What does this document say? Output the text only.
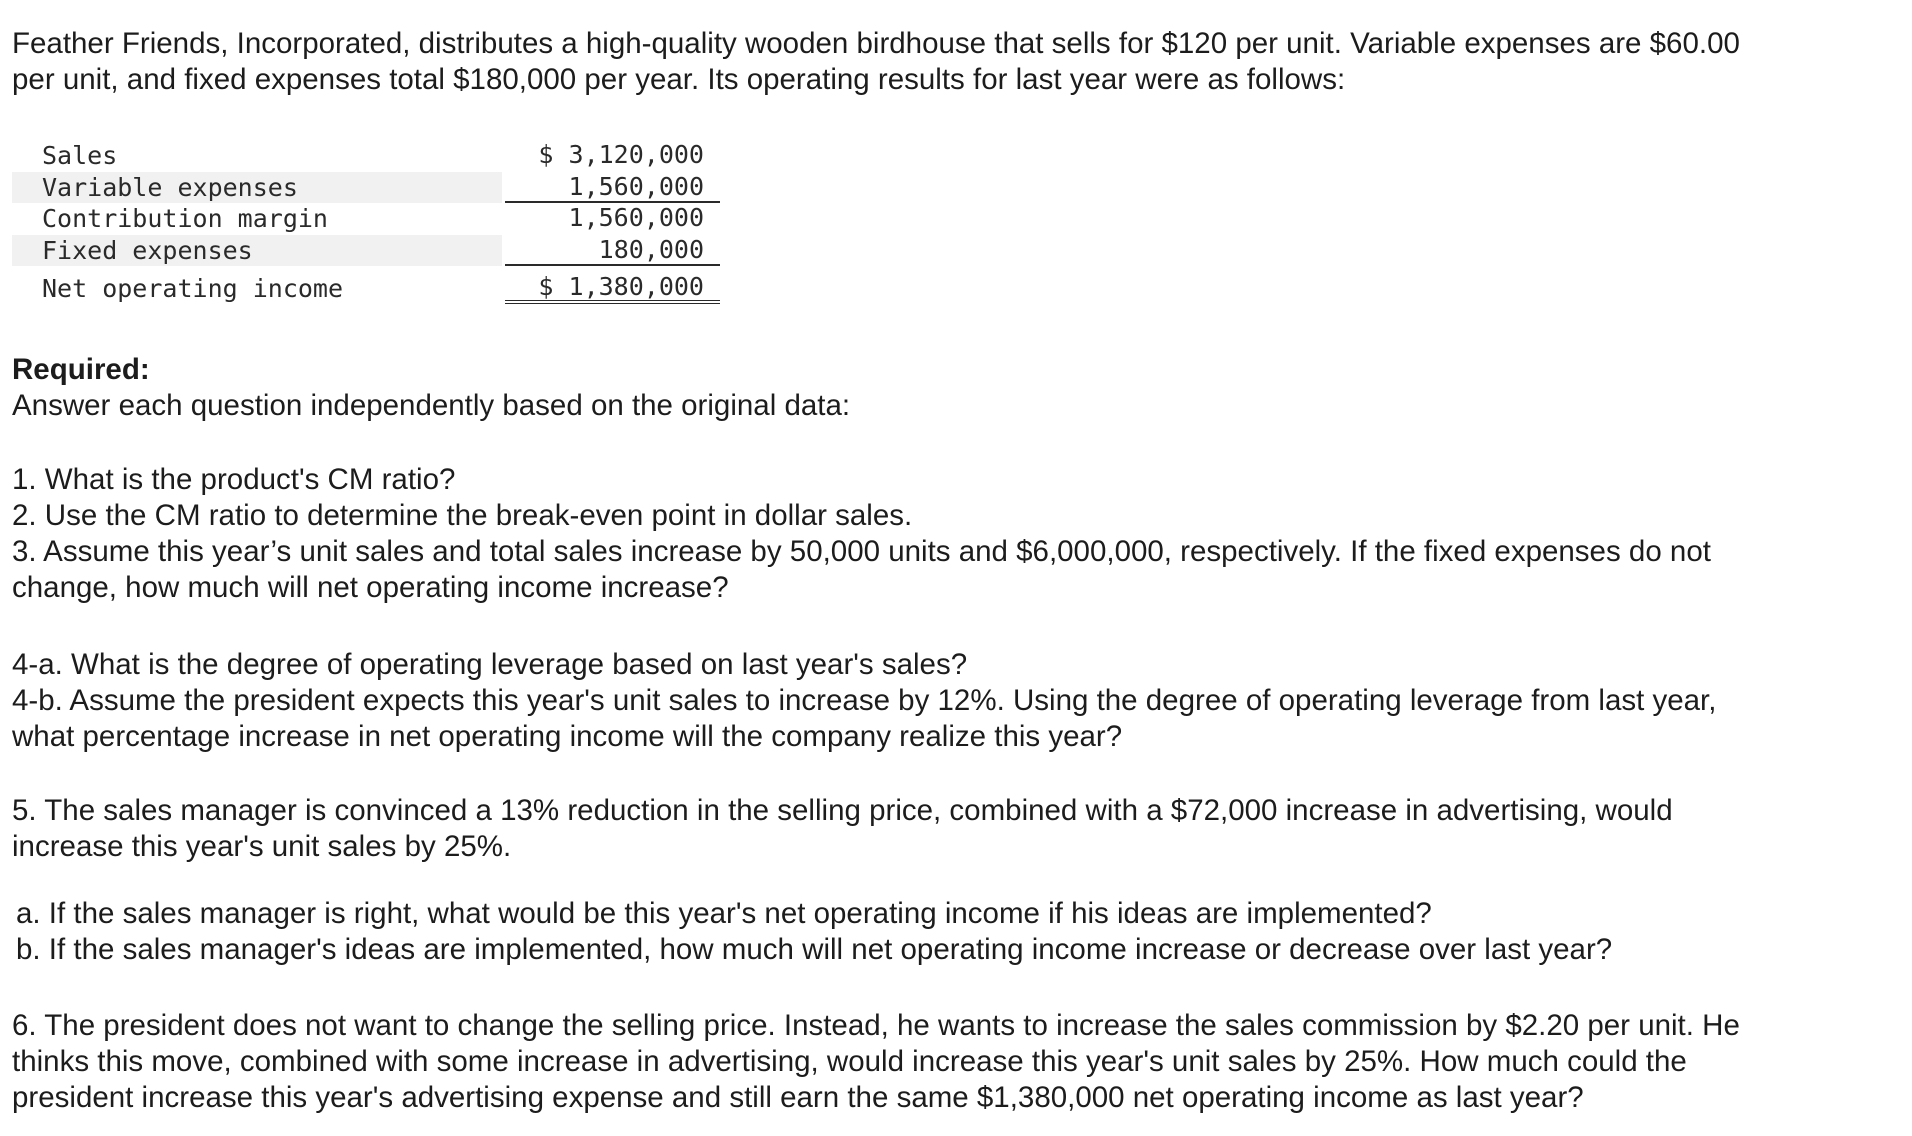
Feather Friends, Incorporated, distributes a high-quality wooden birdhouse that sells for $120 per unit. Variable expenses are $60.00
per unit, and fixed expenses total $180,000 per year. Its operating results for last year were as follows:

Sales	$ 3,120,000
Variable expenses	1,560,000
Contribution margin	1,560,000
Fixed expenses	180,000
Net operating income	$ 1,380,000

Required:

Answer each question independently based on the original data:

1. What is the product's CM ratio?
2. Use the CM ratio to determine the break-even point in dollar sales.
3. Assume this year’s unit sales and total sales increase by 50,000 units and $6,000,000, respectively. If the fixed expenses do not
change, how much will net operating income increase?

4-a. What is the degree of operating leverage based on last year's sales?
4-b. Assume the president expects this year's unit sales to increase by 12%. Using the degree of operating leverage from last year,
what percentage increase in net operating income will the company realize this year?

5. The sales manager is convinced a 13% reduction in the selling price, combined with a $72,000 increase in advertising, would
increase this year's unit sales by 25%.

a. If the sales manager is right, what would be this year's net operating income if his ideas are implemented?
b. If the sales manager's ideas are implemented, how much will net operating income increase or decrease over last year?

6. The president does not want to change the selling price. Instead, he wants to increase the sales commission by $2.20 per unit. He
thinks this move, combined with some increase in advertising, would increase this year's unit sales by 25%. How much could the
president increase this year's advertising expense and still earn the same $1,380,000 net operating income as last year?
